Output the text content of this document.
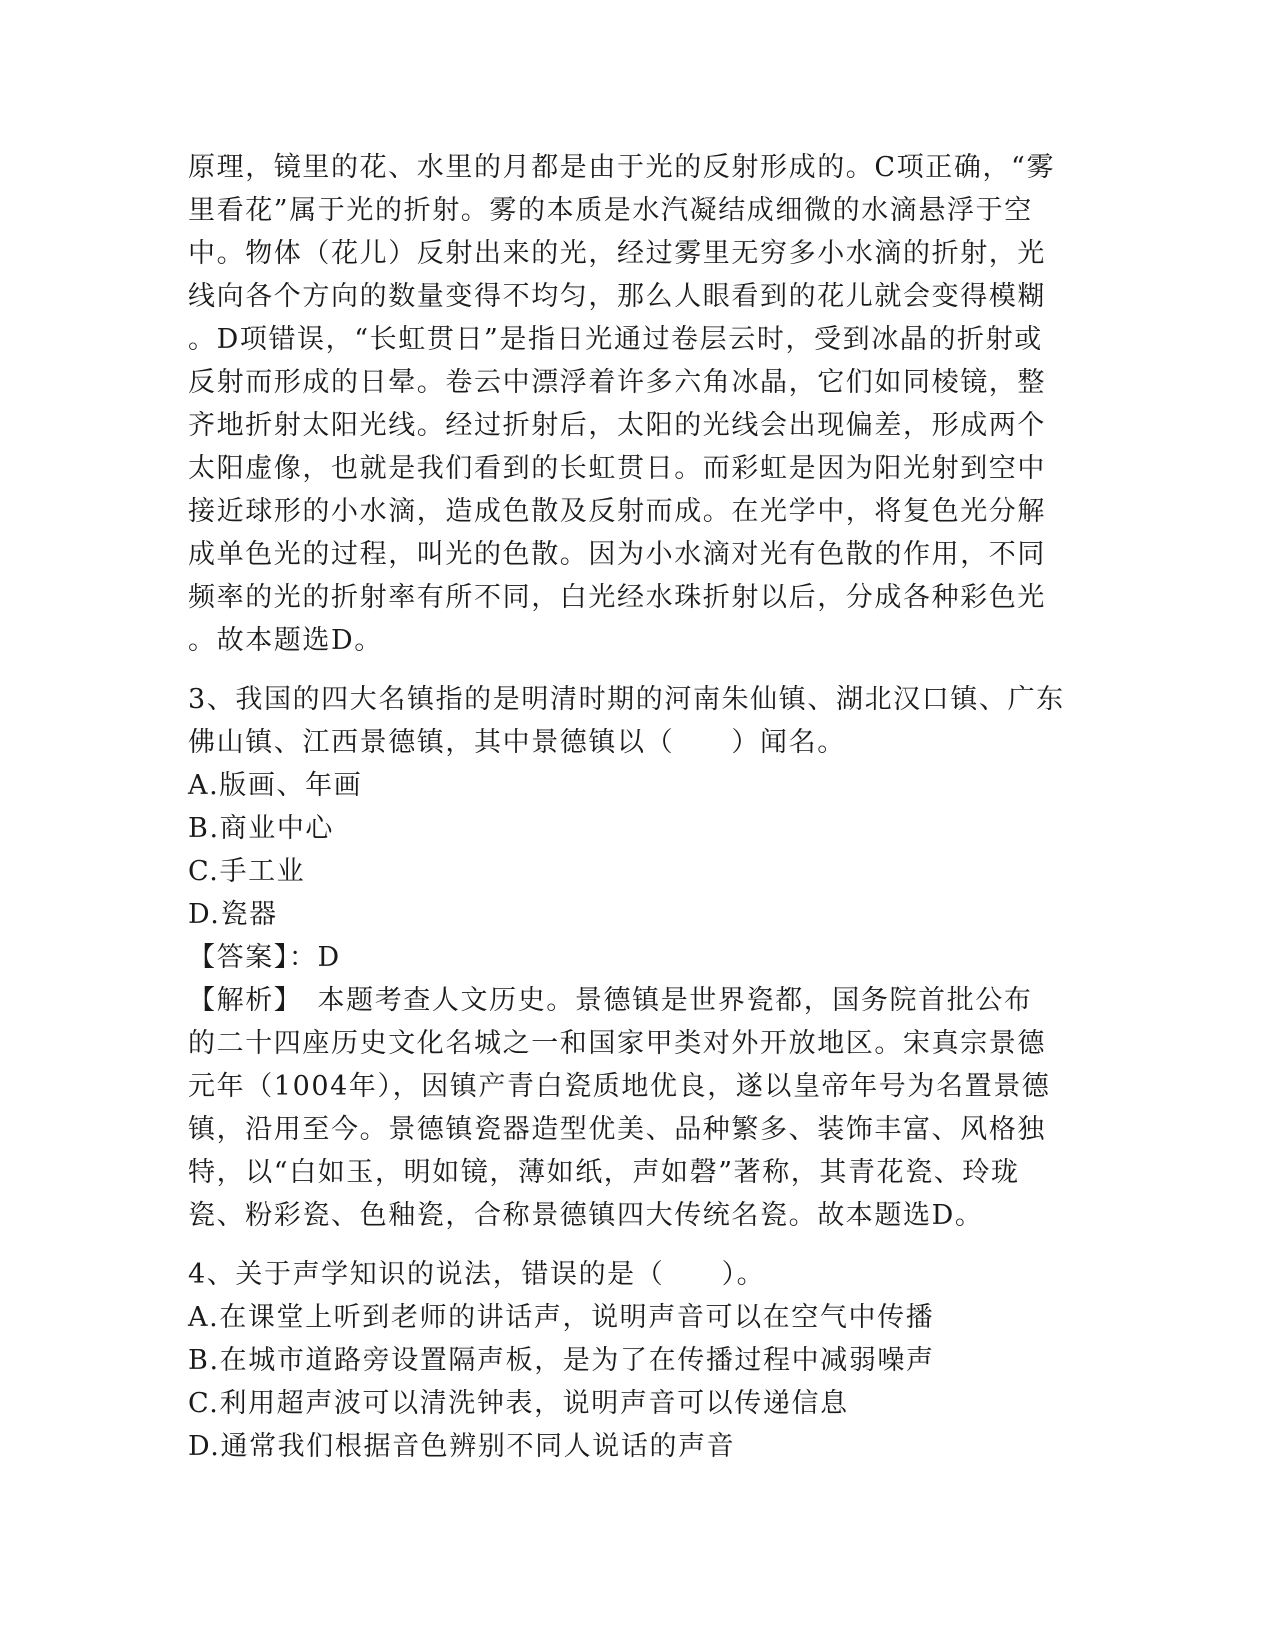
原理，镜里的花、水里的月都是由于光的反射形成的。C项正确，“雾
里看花”属于光的折射。雾的本质是水汽凝结成细微的水滴悬浮于空
中。物体（花儿）反射出来的光，经过雾里无穷多小水滴的折射，光
线向各个方向的数量变得不均匀，那么人眼看到的花儿就会变得模糊
。D项错误，“长虹贯日”是指日光通过卷层云时，受到冰晶的折射或
反射而形成的日晕。卷云中漂浮着许多六角冰晶，它们如同棱镜，整
齐地折射太阳光线。经过折射后，太阳的光线会出现偏差，形成两个
太阳虚像，也就是我们看到的长虹贯日。而彩虹是因为阳光射到空中
接近球形的小水滴，造成色散及反射而成。在光学中，将复色光分解
成单色光的过程，叫光的色散。因为小水滴对光有色散的作用，不同
频率的光的折射率有所不同，白光经水珠折射以后，分成各种彩色光
。故本题选D。
3、我国的四大名镇指的是明清时期的河南朱仙镇、湖北汉口镇、广东
佛山镇、江西景德镇，其中景德镇以（　　）闻名。
A.版画、年画
B.商业中心
C.手工业
D.瓷器
【答案】：D
【解析】　本题考查人文历史。景德镇是世界瓷都，国务院首批公布
的二十四座历史文化名城之一和国家甲类对外开放地区。宋真宗景德
元年（1004年），因镇产青白瓷质地优良，遂以皇帝年号为名置景德
镇，沿用至今。景德镇瓷器造型优美、品种繁多、装饰丰富、风格独
特，以“白如玉，明如镜，薄如纸，声如磬”著称，其青花瓷、玲珑
瓷、粉彩瓷、色釉瓷，合称景德镇四大传统名瓷。故本题选D。
4、关于声学知识的说法，错误的是（　　）。
A.在课堂上听到老师的讲话声，说明声音可以在空气中传播
B.在城市道路旁设置隔声板，是为了在传播过程中减弱噪声
C.利用超声波可以清洗钟表，说明声音可以传递信息
D.通常我们根据音色辨别不同人说话的声音
